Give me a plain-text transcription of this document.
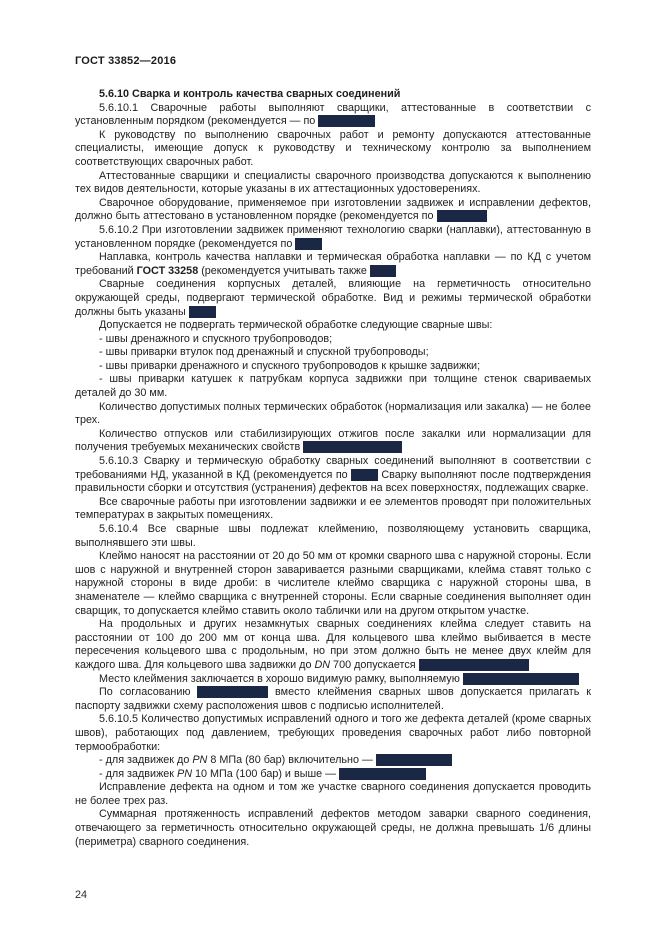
ГОСТ 33852—2016

5.6.10 Сварка и контроль качества сварных соединений

5.6.10.1 Сварочные работы выполняют сварщики, аттестованные в соответствии с установленным порядком (рекомендуется — по [23] и [24]).

К руководству по выполнению сварочных работ и ремонту допускаются аттестованные специалисты, имеющие допуск к руководству и техническому контролю за выполнением соответствующих сварочных работ.

Аттестованные сварщики и специалисты сварочного производства допускаются к выполнению тех видов деятельности, которые указаны в их аттестационных удостоверениях.

Сварочное оборудование, применяемое при изготовлении задвижек и исправлении дефектов, должно быть аттестовано в установленном порядке (рекомендуется по [18], [25]).

5.6.10.2 При изготовлении задвижек применяют технологию сварки (наплавки), аттестованную в установленном порядке (рекомендуется по [26]).

Наплавка, контроль качества наплавки и термическая обработка наплавки — по КД с учетом требований ГОСТ 33258 (рекомендуется учитывать также [27]).

Сварные соединения корпусных деталей, влияющие на герметичность относительно окружающей среды, подвергают термической обработке. Вид и режимы термической обработки должны быть указаны в ТД.

Допускается не подвергать термической обработке следующие сварные швы:

- швы дренажного и спускного трубопроводов;

- швы приварки втулок под дренажный и спускной трубопроводы;

- швы приварки дренажного и спускного трубопроводов к крышке задвижки;

- швы приварки катушек к патрубкам корпуса задвижки при толщине стенок свариваемых деталей до 30 мм.

Количество допустимых полных термических обработок (нормализация или закалка) — не более трех.

Количество отпусков или стабилизирующих отжигов после закалки или нормализации для получения требуемых механических свойств не ограничивается.

5.6.10.3 Сварку и термическую обработку сварных соединений выполняют в соответствии с требованиями НД, указанной в КД (рекомендуется по [28]). Сварку выполняют после подтверждения правильности сборки и отсутствия (устранения) дефектов на всех поверхностях, подлежащих сварке.

Все сварочные работы при изготовлении задвижки и ее элементов проводят при положительных температурах в закрытых помещениях.

5.6.10.4 Все сварные швы подлежат клеймению, позволяющему установить сварщика, выполнявшего эти швы.

Клеймо наносят на расстоянии от 20 до 50 мм от кромки сварного шва с наружной стороны. Если шов с наружной и внутренней сторон заваривается разными сварщиками, клейма ставят только с наружной стороны в виде дроби: в числителе клеймо сварщика с наружной стороны шва, в знаменателе — клеймо сварщика с внутренней стороны. Если сварные соединения выполняет один сварщик, то допускается клеймо ставить около таблички или на другом открытом участке.

На продольных и других незамкнутых сварных соединениях клейма следует ставить на расстоянии от 100 до 200 мм от конца шва. Для кольцевого шва клеймо выбивается в месте пересечения кольцевого шва с продольным, но при этом должно быть не менее двух клейм для каждого шва. Для кольцевого шва задвижки до DN 700 допускается ставить одно клеймо.

Место клеймения заключается в хорошо видимую рамку, выполняемую несмываемой краской.

По согласованию с заказчиком вместо клеймения сварных швов допускается прилагать к паспорту задвижки схему расположения швов с подписью исполнителей.

5.6.10.5 Количество допустимых исправлений одного и того же дефекта деталей (кроме сварных швов), работающих под давлением, требующих проведения сварочных работ либо повторной термообработки:

- для задвижек до PN 8 МПа (80 бар) включительно — не более двух;

- для задвижек PN 10 МПа (100 бар) и выше — не более одного.

Исправление дефекта на одном и том же участке сварного соединения допускается проводить не более трех раз.

Суммарная протяженность исправлений дефектов методом заварки сварного соединения, отвечающего за герметичность относительно окружающей среды, не должна превышать 1/6 длины (периметра) сварного соединения.

24
